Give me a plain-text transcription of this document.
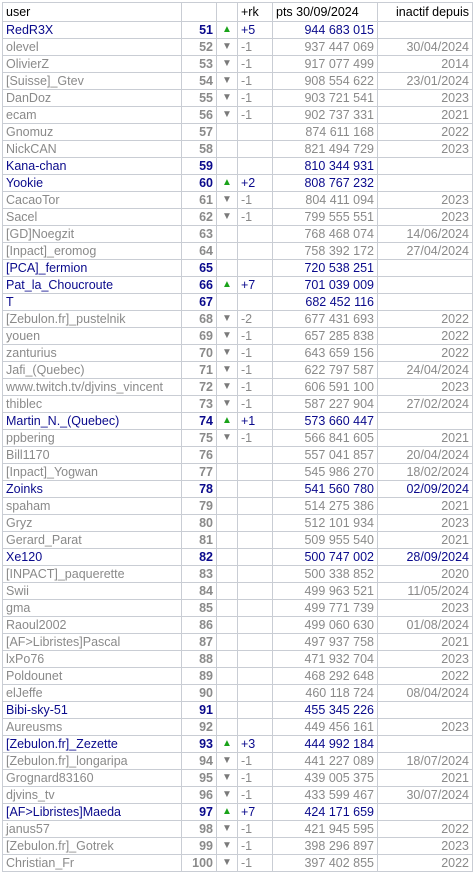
user			+rk	pts 30/09/2024	inactif depuis
RedR3X	51	▲	+5	944 683 015	
olevel	52	▼	-1	937 447 069	30/04/2024
OlivierZ	53	▼	-1	917 077 499	2014
[Suisse]_Gtev	54	▼	-1	908 554 622	23/01/2024
DanDoz	55	▼	-1	903 721 541	2023
ecam	56	▼	-1	902 737 331	2021
Gnomuz	57			874 611 168	2022
NickCAN	58			821 494 729	2023
Kana-chan	59			810 344 931	
Yookie	60	▲	+2	808 767 232	
CacaoTor	61	▼	-1	804 411 094	2023
Sacel	62	▼	-1	799 555 551	2023
[GD]Noegzit	63			768 468 074	14/06/2024
[Inpact]_eromog	64			758 392 172	27/04/2024
[PCA]_fermion	65			720 538 251	
Pat_la_Choucroute	66	▲	+7	701 039 009	
T	67			682 452 116	
[Zebulon.fr]_pustelnik	68	▼	-2	677 431 693	2022
youen	69	▼	-1	657 285 838	2022
zanturius	70	▼	-1	643 659 156	2022
Jafi_(Quebec)	71	▼	-1	622 797 587	24/04/2024
www.twitch.tv/djvins_vincent	72	▼	-1	606 591 100	2023
thiblec	73	▼	-1	587 227 904	27/02/2024
Martin_N._(Quebec)	74	▲	+1	573 660 447	
ppbering	75	▼	-1	566 841 605	2021
Bill1170	76			557 041 857	20/04/2024
[Inpact]_Yogwan	77			545 986 270	18/02/2024
Zoinks	78			541 560 780	02/09/2024
spaham	79			514 275 386	2021
Gryz	80			512 101 934	2023
Gerard_Parat	81			509 955 540	2021
Xe120	82			500 747 002	28/09/2024
[INPACT]_paquerette	83			500 338 852	2020
Swii	84			499 963 521	11/05/2024
gma	85			499 771 739	2023
Raoul2002	86			499 060 630	01/08/2024
[AF>Libristes]Pascal	87			497 937 758	2021
lxPo76	88			471 932 704	2023
Poldounet	89			468 292 648	2022
elJeffe	90			460 118 724	08/04/2024
Bibi-sky-51	91			455 345 226	
Aureusms	92			449 456 161	2023
[Zebulon.fr]_Zezette	93	▲	+3	444 992 184	
[Zebulon.fr]_longaripa	94	▼	-1	441 227 089	18/07/2024
Grognard83160	95	▼	-1	439 005 375	2021
djvins_tv	96	▼	-1	433 599 467	30/07/2024
[AF>Libristes]Maeda	97	▲	+7	424 171 659	
janus57	98	▼	-1	421 945 595	2022
[Zebulon.fr]_Gotrek	99	▼	-1	398 296 897	2023
Christian_Fr	100	▼	-1	397 402 855	2022
